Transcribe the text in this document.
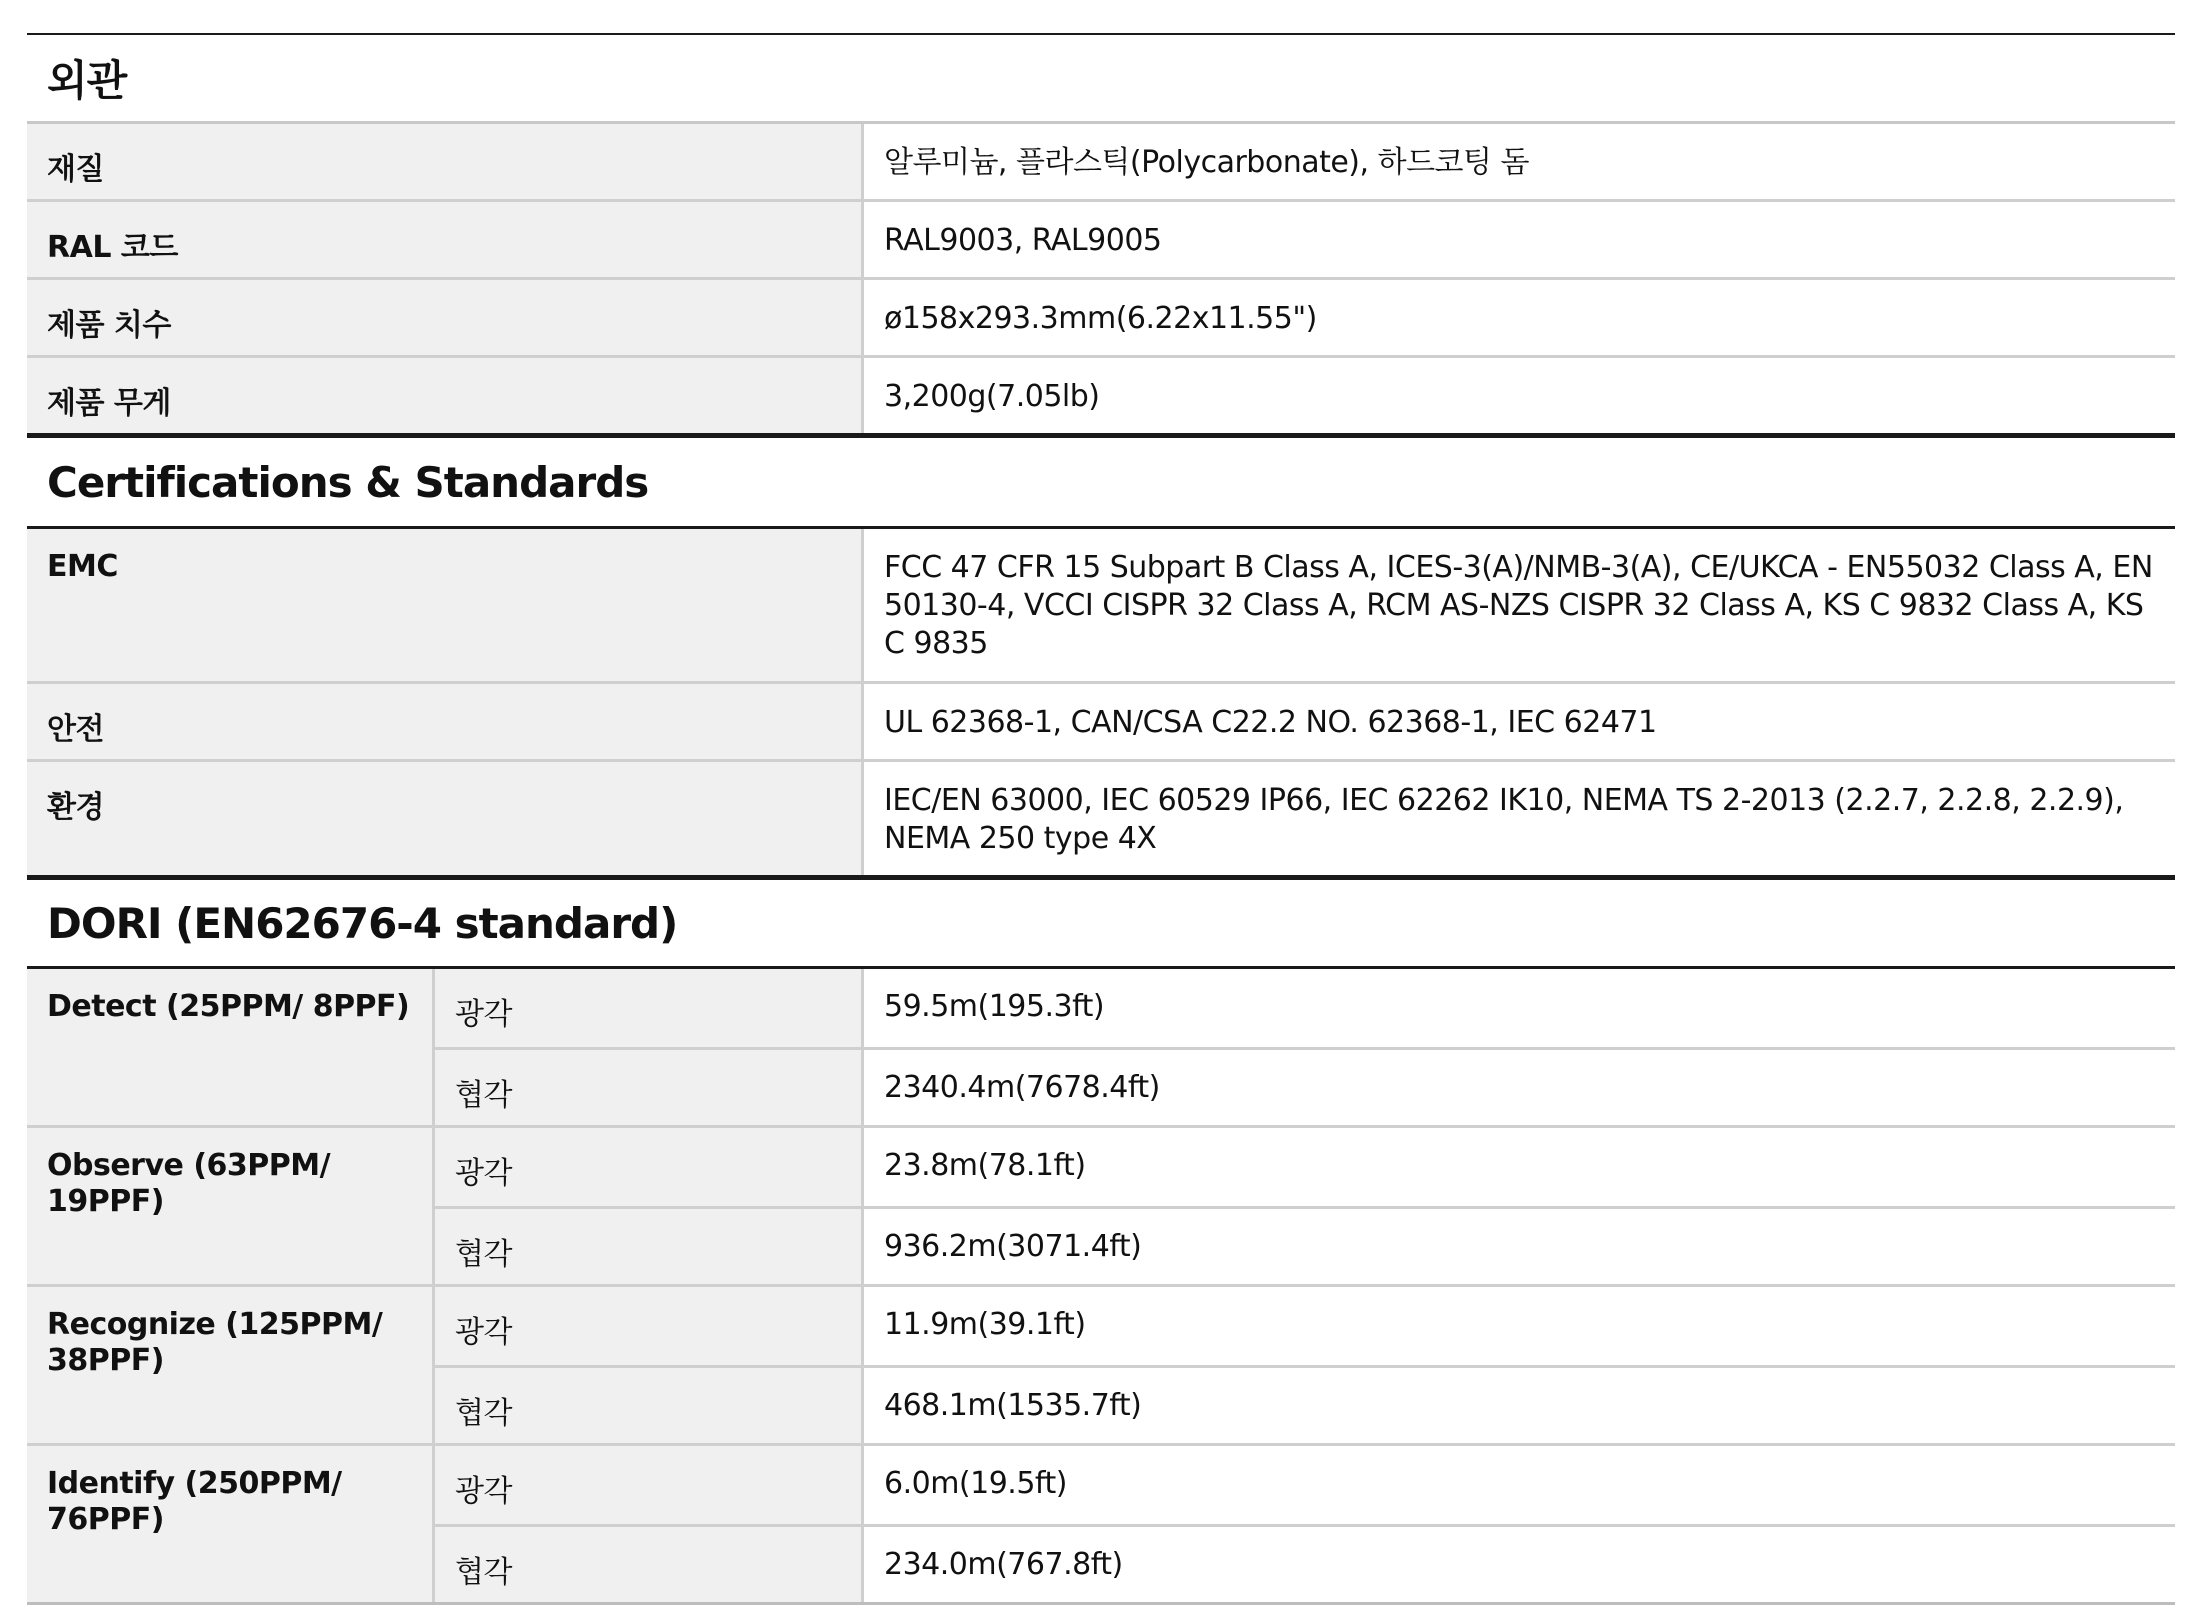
외관
재질	알루미늄, 플라스틱(Polycarbonate), 하드코팅 돔
RAL 코드	RAL9003, RAL9005
제품 치수	ø158x293.3mm(6.22x11.55")
제품 무게	3,200g(7.05lb)
Certifications & Standards
EMC	FCC 47 CFR 15 Subpart B Class A, ICES-3(A)/NMB-3(A), CE/UKCA - EN55032 Class A, EN 50130-4, VCCI CISPR 32 Class A, RCM AS-NZS CISPR 32 Class A, KS C 9832 Class A, KS C 9835
안전	UL 62368-1, CAN/CSA C22.2 NO. 62368-1, IEC 62471
환경	IEC/EN 63000, IEC 60529 IP66, IEC 62262 IK10, NEMA TS 2-2013 (2.2.7, 2.2.8, 2.2.9), NEMA 250 type 4X
DORI (EN62676-4 standard)
Detect (25PPM/ 8PPF)	광각	59.5m(195.3ft)
협각	2340.4m(7678.4ft)
Observe (63PPM/ 19PPF)
광각	23.8m(78.1ft)
협각	936.2m(3071.4ft)
Recognize (125PPM/ 38PPF)
광각	11.9m(39.1ft)
협각	468.1m(1535.7ft)
Identify (250PPM/ 76PPF)
광각	6.0m(19.5ft)
협각	234.0m(767.8ft)
